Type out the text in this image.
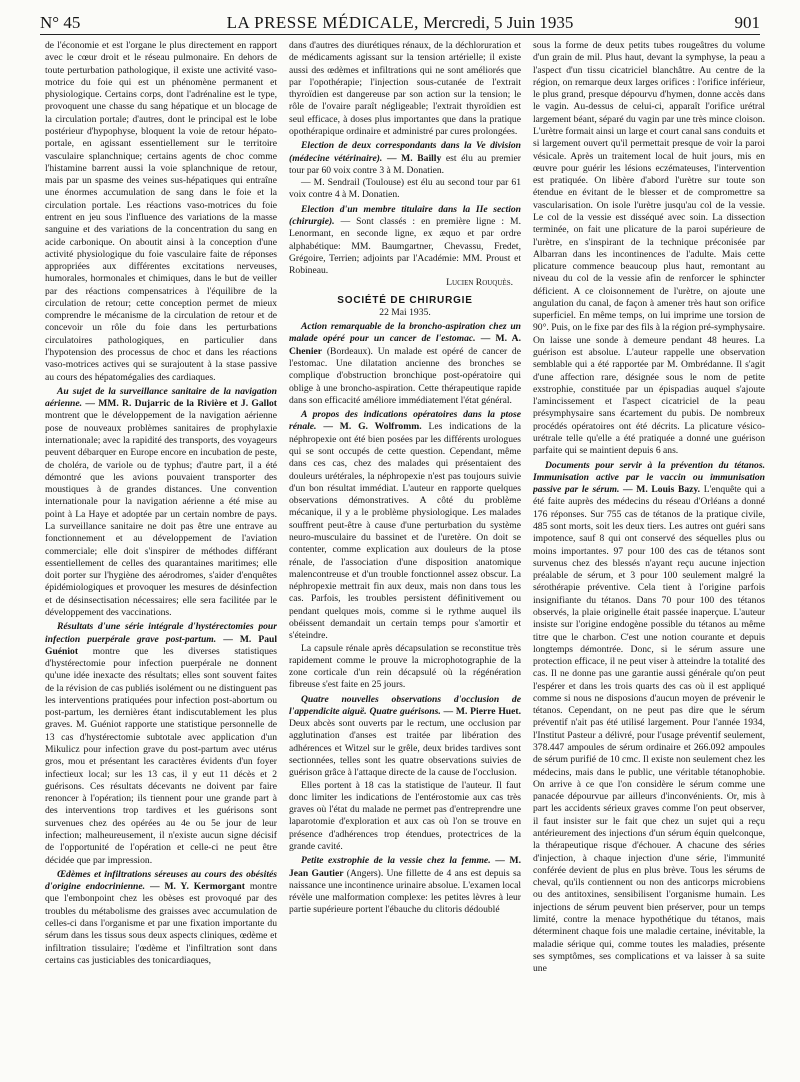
N° 45	LA PRESSE MÉDICALE, Mercredi, 5 Juin 1935	901

de l'économie et est l'organe le plus directement en rapport avec le cœur droit et le réseau pulmonaire. En dehors de toute perturbation pathologique, il existe une activité vaso-motrice du foie qui est un phénomène permanent et physiologique. Certains corps, dont l'adrénaline est le type, provoquent une chasse du sang hépatique et un blocage de la circulation portale; d'autres, dont le principal est le lobe postérieur d'hypophyse, bloquent la voie de retour hépato-portale, en agissant essentiellement sur le territoire vasculaire splanchnique; certains agents de choc comme l'histamine barrent aussi la voie splanchnique de retour, mais par un spasme des veines sus-hépatiques qui entraîne une énormes accumulation de sang dans le foie et la circulation portale. Les réactions vaso-motrices du foie entrent en jeu sous l'influence des variations de la masse sanguine et des variations de la concentration du sang en acide carbonique. On aboutit ainsi à la conception d'une activité physiologique du foie vasculaire faite de réponses appropriées aux différentes excitations nerveuses, humorales, hormonales et chimiques, dans le but de veiller par des réactions compensatrices à l'équilibre de la circulation de retour; cette conception permet de mieux comprendre le mécanisme de la circulation de retour et de concevoir un rôle du foie dans les perturbations circulatoires pathologiques, en particulier dans l'hypotension des processus de choc et dans les réactions vaso-motrices actives qui se surajoutent à la stase passive au cours des hépatomégalies des cardiaques.

Au sujet de la surveillance sanitaire de la navigation aérienne. — MM. R. Dujarric de la Rivière et J. Gallot montrent que le développement de la navigation aérienne pose de nouveaux problèmes sanitaires de prophylaxie internationale; avec la rapidité des transports, des voyageurs peuvent débarquer en Europe encore en incubation de peste, de choléra, de variole ou de typhus; d'autre part, il a été démontré que les avions pouvaient transporter des moustiques à de grandes distances. Une convention internationale pour la navigation aérienne a été mise au point à La Haye et adoptée par un certain nombre de pays. La surveillance sanitaire ne doit pas être une entrave au fonctionnement et au développement de l'aviation commerciale; elle doit s'inspirer de méthodes différant essentiellement de celles des quarantaines maritimes; elle doit porter sur l'hygiène des aérodromes, s'aider d'enquêtes épidémiologiques et provoquer les mesures de désinfection et de désinsectisation nécessaires; elle sera facilitée par le développement des vaccinations.

Résultats d'une série intégrale d'hystérectomies pour infection puerpérale grave post-partum. — M. Paul Guéniot montre que les diverses statistiques d'hystérectomie pour infection puerpérale ne donnent qu'une idée inexacte des résultats; elles sont souvent faites de la révision de cas publiés isolément ou ne distinguent pas les interventions pratiquées pour infection post-abortum ou post-partum, les dernières étant indiscutablement les plus graves. M. Guéniot rapporte une statistique personnelle de 13 cas d'hystérectomie subtotale avec application d'un Mikulicz pour infection grave du post-partum avec utérus gros, mou et présentant les caractères évidents d'un foyer infectieux local; sur les 13 cas, il y eut 11 décès et 2 guérisons. Ces résultats décevants ne doivent par faire renoncer à l'opération; ils tiennent pour une grande part à des interventions trop tardives et les guérisons sont survenues chez des opérées au 4e ou 5e jour de leur infection; malheureusement, il n'existe aucun signe décisif de l'opportunité de l'opération et celle-ci ne peut être décidée que par impression.

Œdèmes et infiltrations séreuses au cours des obésités d'origine endocrinienne. — M. Y. Kermorgant montre que l'embonpoint chez les obèses est provoqué par des troubles du métabolisme des graisses avec accumulation de celles-ci dans l'organisme et par une fixation importante du sérum dans les tissus sous deux aspects cliniques, œdème et infiltration tissulaire; l'œdème et l'infiltration sont dans certains cas justiciables des tonicardiaques,

dans d'autres des diurétiques rénaux, de la déchloruration et de médicaments agissant sur la tension artérielle; il existe aussi des œdèmes et infiltrations qui ne sont améliorés que par l'opothérapie; l'injection sous-cutanée de l'extrait thyroïdien est dangereuse par son action sur la tension; le rôle de l'ovaire paraît négligeable; l'extrait thyroïdien est seul efficace, à doses plus importantes que dans la pratique opothérapique ordinaire et administré par cures prolongées.

Election de deux correspondants dans la Ve division (médecine vétérinaire). — M. Bailly est élu au premier tour par 60 voix contre 3 à M. Donatien.

— M. Sendrail (Toulouse) est élu au second tour par 61 voix contre 4 à M. Donatien.

Election d'un membre titulaire dans la IIe section (chirurgie). — Sont classés : en première ligne : M. Lenormant, en seconde ligne, ex æquo et par ordre alphabétique: MM. Baumgartner, Chevassu, Fredet, Grégoire, Terrien; adjoints par l'Académie: MM. Proust et Robineau.

Lucien Rouquès.

SOCIÉTÉ DE CHIRURGIE

22 Mai 1935.

Action remarquable de la broncho-aspiration chez un malade opéré pour un cancer de l'estomac. — M. A. Chenier (Bordeaux). Un malade est opéré de cancer de l'estomac. Une dilatation ancienne des bronches se complique d'obstruction bronchique post-opératoire qui oblige à une broncho-aspiration. Cette thérapeutique rapide dans son efficacité améliore immédiatement l'état général.

A propos des indications opératoires dans la ptose rénale. — M. G. Wolfromm. Les indications de la néphropexie ont été bien posées par les différents urologues qui se sont occupés de cette question. Cependant, même dans ces cas, chez des malades qui présentaient des douleurs urétérales, la néphropexie n'est pas toujours suivie d'un bon résultat immédiat. L'auteur en rapporte quelques observations démonstratives. A côté du problème mécanique, il y a le problème physiologique. Les malades souffrent peut-être à cause d'une perturbation du système neuro-musculaire du bassinet et de l'uretère. On doit se contenter, comme explication aux douleurs de la ptose rénale, de l'association d'une disposition anatomique malencontreuse et d'un trouble fonctionnel assez obscur. La néphropexie mettrait fin aux deux, mais non dans tous les cas. Parfois, les troubles persistent définitivement ou pendant quelques mois, comme si le rythme auquel ils obéissent demandait un certain temps pour s'amortir et s'éteindre.

La capsule rénale après décapsulation se reconstitue très rapidement comme le prouve la microphotographie de la zone corticale d'un rein décapsulé où la régénération fibreuse s'est faite en 25 jours.

Quatre nouvelles observations d'occlusion de l'appendicite aiguë. Quatre guérisons. — M. Pierre Huet. Deux abcès sont ouverts par le rectum, une occlusion par agglutination d'anses est traitée par libération des adhérences et Witzel sur le grêle, deux brides tardives sont sectionnées, telles sont les quatre observations suivies de guérison grâce à l'attaque directe de la cause de l'occlusion.

Elles portent à 18 cas la statistique de l'auteur. Il faut donc limiter les indications de l'entérostomie aux cas très graves où l'état du malade ne permet pas d'entreprendre une laparotomie d'exploration et aux cas où l'on se trouve en présence d'adhérences trop étendues, protectrices de la grande cavité.

Petite exstrophie de la vessie chez la femme. — M. Jean Gautier (Angers). Une fillette de 4 ans est depuis sa naissance une incontinence urinaire absolue. L'examen local révèle une malformation complexe: les petites lèvres à leur partie supérieure portent l'ébauche du clitoris dédoublé

sous la forme de deux petits tubes rougeâtres du volume d'un grain de mil. Plus haut, devant la symphyse, la peau a l'aspect d'un tissu cicatriciel blanchâtre. Au centre de la région, on remarque deux larges orifices : l'orifice inférieur, le plus grand, presque dépourvu d'hymen, donne accès dans le vagin. Au-dessus de celui-ci, apparaît l'orifice urétral largement béant, séparé du vagin par une très mince cloison. L'urètre formait ainsi un large et court canal sans conduits et si largement ouvert qu'il permettait presque de voir la paroi vésicale. Après un traitement local de huit jours, mis en œuvre pour guérir les lésions eczémateuses, l'intervention est pratiquée. On libère d'abord l'urètre sur toute son étendue en évitant de le blesser et de compromettre sa vascularisation. On isole l'urètre jusqu'au col de la vessie. Le col de la vessie est disséqué avec soin. La dissection terminée, on fait une plicature de la paroi supérieure de l'urètre, en s'inspirant de la technique préconisée par Albarran dans les incontinences de l'adulte. Mais cette plicature commence beaucoup plus haut, remontant au niveau du col de la vessie afin de renforcer le sphincter déficient. A ce cloisonnement de l'urètre, on ajoute une angulation du canal, de façon à amener très haut son orifice superficiel. En même temps, on lui imprime une torsion de 90°. Puis, on le fixe par des fils à la région pré-symphysaire. On laisse une sonde à demeure pendant 48 heures. La guérison est absolue. L'auteur rappelle une observation semblable qui a été rapportée par M. Ombrédanne. Il s'agit d'une affection rare, désignée sous le nom de petite exstrophie, constituée par un épispadias auquel s'ajoute l'amincissement et l'aspect cicatriciel de la peau présymphysaire sans écartement du pubis. De nombreux procédés opératoires ont été décrits. La plicature vésico-urétrale telle qu'elle a été pratiquée a donné une guérison parfaite qui se maintient depuis 6 ans.

Documents pour servir à la prévention du tétanos. Immunisation active par le vaccin ou immunisation passive par le sérum. — M. Louis Bazy. L'enquête qui a été faite auprès des médecins du réseau d'Orléans a donné 176 réponses. Sur 755 cas de tétanos de la pratique civile, 485 sont morts, soit les deux tiers. Les autres ont guéri sans impotence, sauf 8 qui ont conservé des séquelles plus ou moins importantes. 97 pour 100 des cas de tétanos sont survenus chez des blessés n'ayant reçu aucune injection préalable de sérum, et 3 pour 100 seulement malgré la sérothérapie préventive. Cela tient à l'origine parfois insignifiante du tétanos. Dans 70 pour 100 des tétanos observés, la plaie originelle était passée inaperçue. L'auteur insiste sur l'origine endogène possible du tétanos au même titre que le charbon. C'est une notion courante et depuis longtemps démontrée. Donc, si le sérum assure une protection efficace, il ne peut viser à atteindre la totalité des cas. Il ne donne pas une garantie aussi générale qu'on peut l'espérer et dans les trois quarts des cas où il est appliqué comme si nous ne disposions d'aucun moyen de prévenir le tétanos. Cependant, on ne peut pas dire que le sérum préventif n'ait pas été utilisé largement. Pour l'année 1934, l'Institut Pasteur a délivré, pour l'usage préventif seulement, 378.447 ampoules de sérum ordinaire et 266.092 ampoules de sérum purifié de 10 cmc. Il existe non seulement chez les médecins, mais dans le public, une véritable tétanophobie. On arrive à ce que l'on considère le sérum comme une panacée dépourvue par ailleurs d'inconvénients. Or, mis à part les accidents sérieux graves comme l'on peut observer, il faut insister sur le fait que chez un sujet qui a reçu antérieurement des injections d'un sérum équin quelconque, la thérapeutique risque d'échouer. A chacune des séries d'injection, à chaque injection d'une série, l'immunité conférée devient de plus en plus brève. Tous les sérums de cheval, qu'ils contiennent ou non des anticorps microbiens ou des antitoxines, sensibilisent l'organisme humain. Les injections de sérum peuvent bien préserver, pour un temps limité, contre la menace hypothétique du tétanos, mais déterminent chaque fois une maladie certaine, inévitable, la maladie sérique qui, comme toutes les maladies, présente ses symptômes, ses complications et va laisser à sa suite une
